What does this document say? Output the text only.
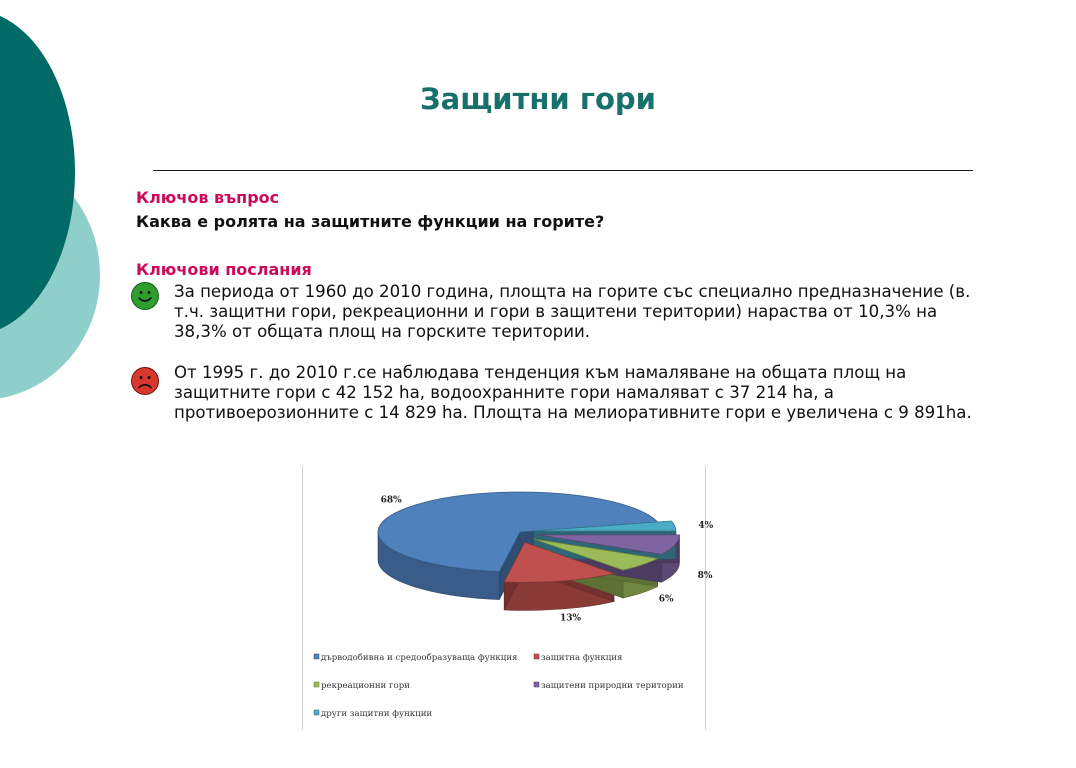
Защитни гори
Ключов въпрос
Каква е ролята на защитните функции на горите?
Ключови послания
За периода от 1960 до 2010 година, площта на горите със специално предназначение (в. т.ч. защитни гори, рекреационни и гори в защитени територии) нараства от 10,3% на 38,3% от общата площ на горските територии.
От 1995 г. до 2010 г.се наблюдава тенденция към намаляване на общата площ на защитните гори с 42 152 ha, водоохранните гори намаляват с 37 214 ha, а противоерозионните с 14 829 ha. Площта на мелиоративните гори е увеличена с 9 891ha.
68%
13%
6%
8%
4%
дърводобивна и средообразуваща функция	защитна функция
рекреационни гори	защитени природни територии
други защитни функции
